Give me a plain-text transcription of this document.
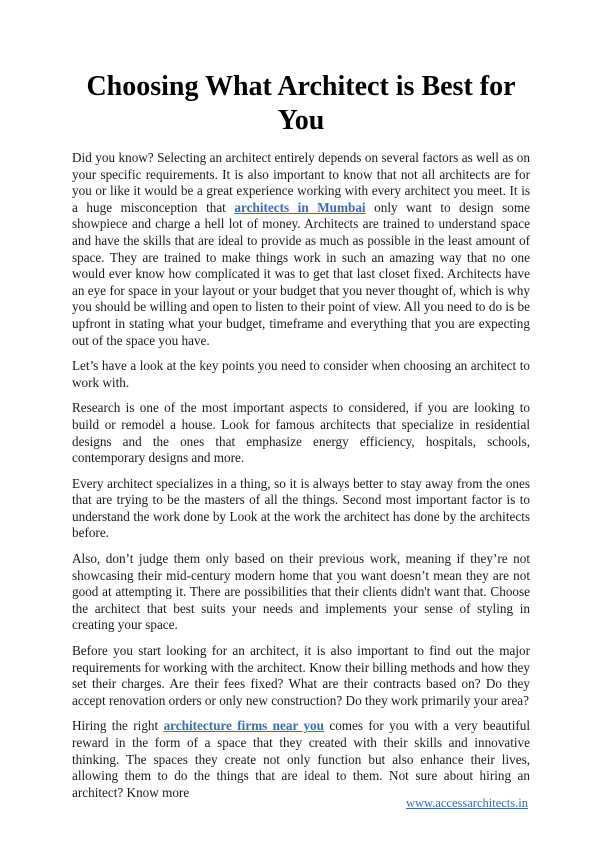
Choosing What Architect is Best for You

Did you know? Selecting an architect entirely depends on several factors as well as on your specific requirements. It is also important to know that not all architects are for you or like it would be a great experience working with every architect you meet. It is a huge misconception that architects in Mumbai only want to design some showpiece and charge a hell lot of money. Architects are trained to understand space and have the skills that are ideal to provide as much as possible in the least amount of space. They are trained to make things work in such an amazing way that no one would ever know how complicated it was to get that last closet fixed. Architects have an eye for space in your layout or your budget that you never thought of, which is why you should be willing and open to listen to their point of view. All you need to do is be upfront in stating what your budget, timeframe and everything that you are expecting out of the space you have.

Let’s have a look at the key points you need to consider when choosing an architect to work with.

Research is one of the most important aspects to considered, if you are looking to build or remodel a house. Look for famous architects that specialize in residential designs and the ones that emphasize energy efficiency, hospitals, schools, contemporary designs and more.

Every architect specializes in a thing, so it is always better to stay away from the ones that are trying to be the masters of all the things. Second most important factor is to understand the work done by Look at the work the architect has done by the architects before.

Also, don’t judge them only based on their previous work, meaning if they’re not showcasing their mid-century modern home that you want doesn’t mean they are not good at attempting it. There are possibilities that their clients didn't want that. Choose the architect that best suits your needs and implements your sense of styling in creating your space.

Before you start looking for an architect, it is also important to find out the major requirements for working with the architect. Know their billing methods and how they set their charges. Are their fees fixed? What are their contracts based on? Do they accept renovation orders or only new construction? Do they work primarily your area?

Hiring the right architecture firms near you comes for you with a very beautiful reward in the form of a space that they created with their skills and innovative thinking. The spaces they create not only function but also enhance their lives, allowing them to do the things that are ideal to them. Not sure about hiring an architect? Know more

www.accessarchitects.in
